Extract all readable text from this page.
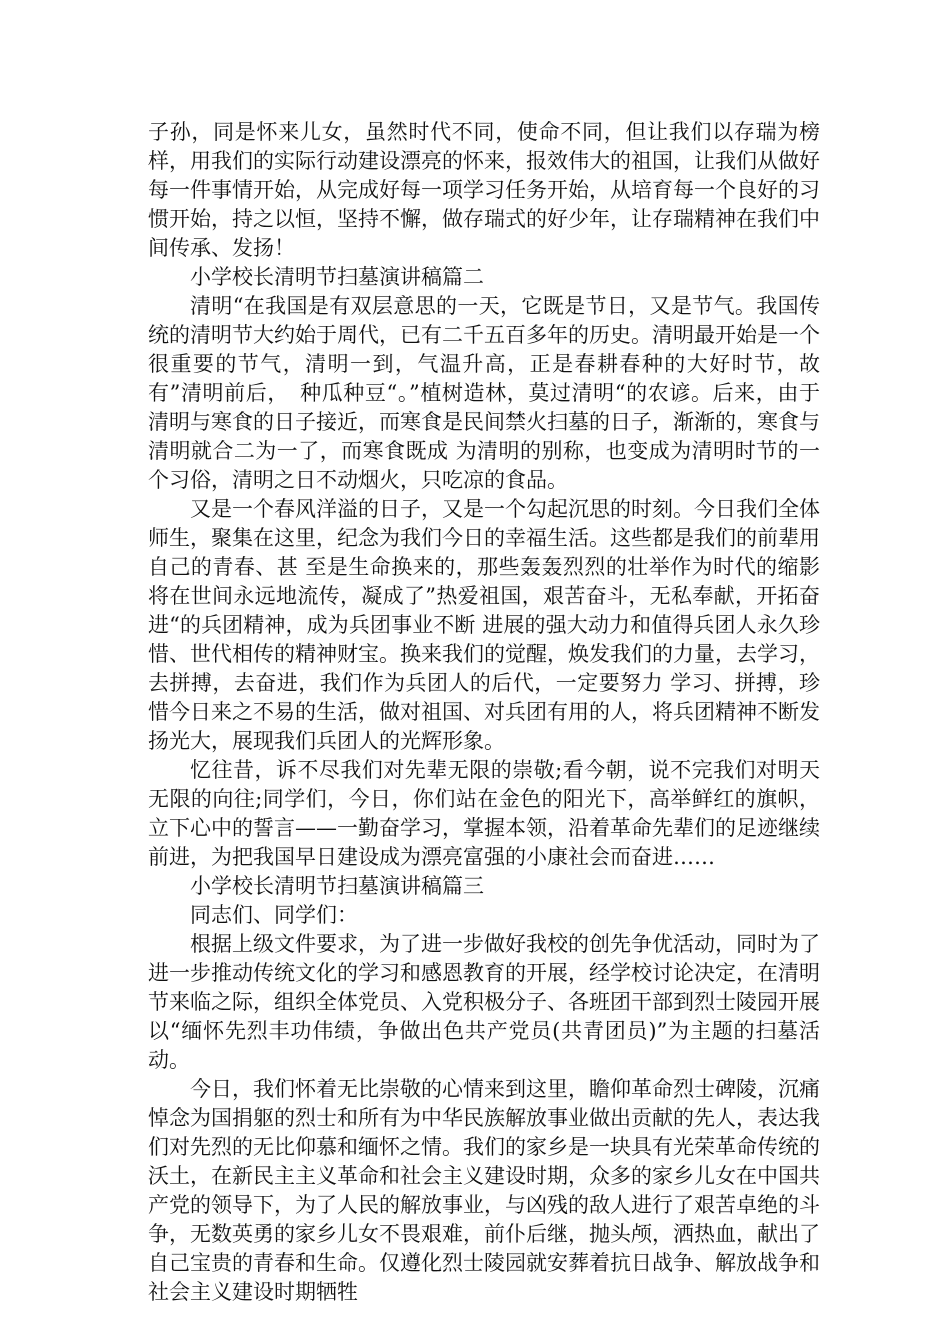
子孙，同是怀来儿女，虽然时代不同，使命不同，但让我们以存瑞为榜样，用我们的实际行动建设漂亮的怀来，报效伟大的祖国，让我们从做好每一件事情开始，从完成好每一项学习任务开始，从培育每一个良好的习惯开始，持之以恒，坚持不懈，做存瑞式的好少年，让存瑞精神在我们中间传承、发扬！

小学校长清明节扫墓演讲稿篇二

清明“在我国是有双层意思的一天，它既是节日，又是节气。我国传统的清明节大约始于周代，已有二千五百多年的历史。清明最开始是一个很重要的节气，清明一到，气温升高，正是春耕春种的大好时节，故有”清明前后，　种瓜种豆“。”植树造林，莫过清明“的农谚。后来，由于清明与寒食的日子接近，而寒食是民间禁火扫墓的日子，渐渐的，寒食与清明就合二为一了，而寒食既成 为清明的别称，也变成为清明时节的一个习俗，清明之日不动烟火，只吃凉的食品。

又是一个春风洋溢的日子，又是一个勾起沉思的时刻。今日我们全体师生，聚集在这里，纪念为我们今日的幸福生活。这些都是我们的前辈用自己的青春、甚 至是生命换来的，那些轰轰烈烈的壮举作为时代的缩影将在世间永远地流传，凝成了”热爱祖国，艰苦奋斗，无私奉献，开拓奋进“的兵团精神，成为兵团事业不断 进展的强大动力和值得兵团人永久珍惜、世代相传的精神财宝。换来我们的觉醒，焕发我们的力量，去学习，去拼搏，去奋进，我们作为兵团人的后代，一定要努力 学习、拼搏，珍惜今日来之不易的生活，做对祖国、对兵团有用的人，将兵团精神不断发扬光大，展现我们兵团人的光辉形象。

忆往昔，诉不尽我们对先辈无限的崇敬;看今朝，说不完我们对明天无限的向往;同学们，今日，你们站在金色的阳光下，高举鲜红的旗帜，立下心中的誓言——一勤奋学习，掌握本领，沿着革命先辈们的足迹继续前进，为把我国早日建设成为漂亮富强的小康社会而奋进……

小学校长清明节扫墓演讲稿篇三

同志们、同学们：

根据上级文件要求，为了进一步做好我校的创先争优活动，同时为了进一步推动传统文化的学习和感恩教育的开展，经学校讨论决定，在清明节来临之际，组织全体党员、入党积极分子、各班团干部到烈士陵园开展以“缅怀先烈丰功伟绩，争做出色共产党员(共青团员)”为主题的扫墓活动。

今日，我们怀着无比崇敬的心情来到这里，瞻仰革命烈士碑陵，沉痛悼念为国捐躯的烈士和所有为中华民族解放事业做出贡献的先人，表达我们对先烈的无比仰慕和缅怀之情。我们的家乡是一块具有光荣革命传统的沃土，在新民主主义革命和社会主义建设时期，众多的家乡儿女在中国共产党的领导下，为了人民的解放事业，与凶残的敌人进行了艰苦卓绝的斗争，无数英勇的家乡儿女不畏艰难，前仆后继，抛头颅，洒热血，献出了自己宝贵的青春和生命。仅遵化烈士陵园就安葬着抗日战争、解放战争和社会主义建设时期牺牲
